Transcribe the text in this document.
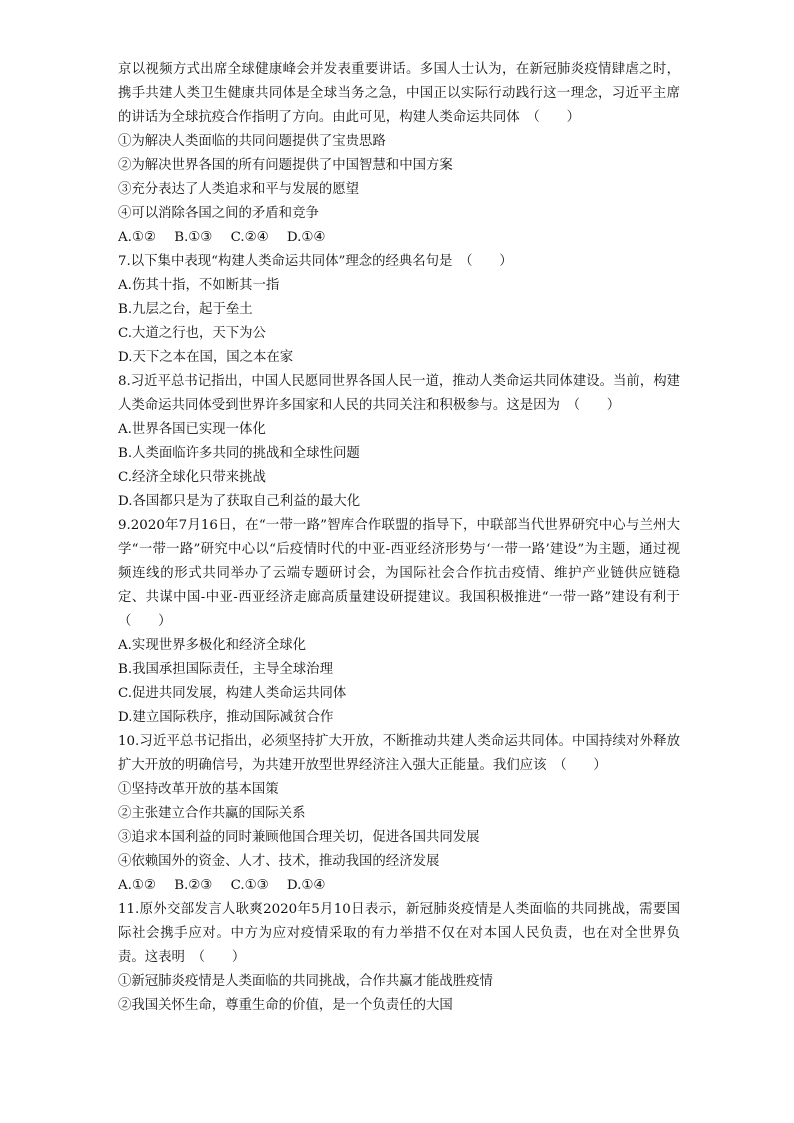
京以视频方式出席全球健康峰会并发表重要讲话。多国人士认为，在新冠肺炎疫情肆虐之时，携手共建人类卫生健康共同体是全球当务之急，中国正以实际行动践行这一理念，习近平主席的讲话为全球抗疫合作指明了方向。由此可见，构建人类命运共同体　（　　）
①为解决人类面临的共同问题提供了宝贵思路
②为解决世界各国的所有问题提供了中国智慧和中国方案
③充分表达了人类追求和平与发展的愿望
④可以消除各国之间的矛盾和竞争
A.①② B.①③ C.②④ D.①④
7.以下集中表现“构建人类命运共同体”理念的经典名句是　（　　）
A.伤其十指，不如断其一指
B.九层之台，起于垒土
C.大道之行也，天下为公
D.天下之本在国，国之本在家
8.习近平总书记指出，中国人民愿同世界各国人民一道，推动人类命运共同体建设。当前，构建人类命运共同体受到世界许多国家和人民的共同关注和积极参与。这是因为　（　　）
A.世界各国已实现一体化
B.人类面临许多共同的挑战和全球性问题
C.经济全球化只带来挑战
D.各国都只是为了获取自己利益的最大化
9.2020年7月16日，在“一带一路”智库合作联盟的指导下，中联部当代世界研究中心与兰州大学“一带一路”研究中心以“后疫情时代的中亚-西亚经济形势与‘一带一路’建设”为主题，通过视频连线的形式共同举办了云端专题研讨会，为国际社会合作抗击疫情、维护产业链供应链稳定、共谋中国-中亚-西亚经济走廊高质量建设研提建议。我国积极推进“一带一路”建设有利于　（　　）
A.实现世界多极化和经济全球化
B.我国承担国际责任，主导全球治理
C.促进共同发展，构建人类命运共同体
D.建立国际秩序，推动国际减贫合作
10.习近平总书记指出，必须坚持扩大开放，不断推动共建人类命运共同体。中国持续对外释放扩大开放的明确信号，为共建开放型世界经济注入强大正能量。我们应该　（　　）
①坚持改革开放的基本国策
②主张建立合作共赢的国际关系
③追求本国利益的同时兼顾他国合理关切，促进各国共同发展
④依赖国外的资金、人才、技术，推动我国的经济发展
A.①② B.②③ C.①③ D.①④
11.原外交部发言人耿爽2020年5月10日表示，新冠肺炎疫情是人类面临的共同挑战，需要国际社会携手应对。中方为应对疫情采取的有力举措不仅在对本国人民负责，也在对全世界负责。这表明　（　　）
①新冠肺炎疫情是人类面临的共同挑战，合作共赢才能战胜疫情
②我国关怀生命，尊重生命的价值，是一个负责任的大国
